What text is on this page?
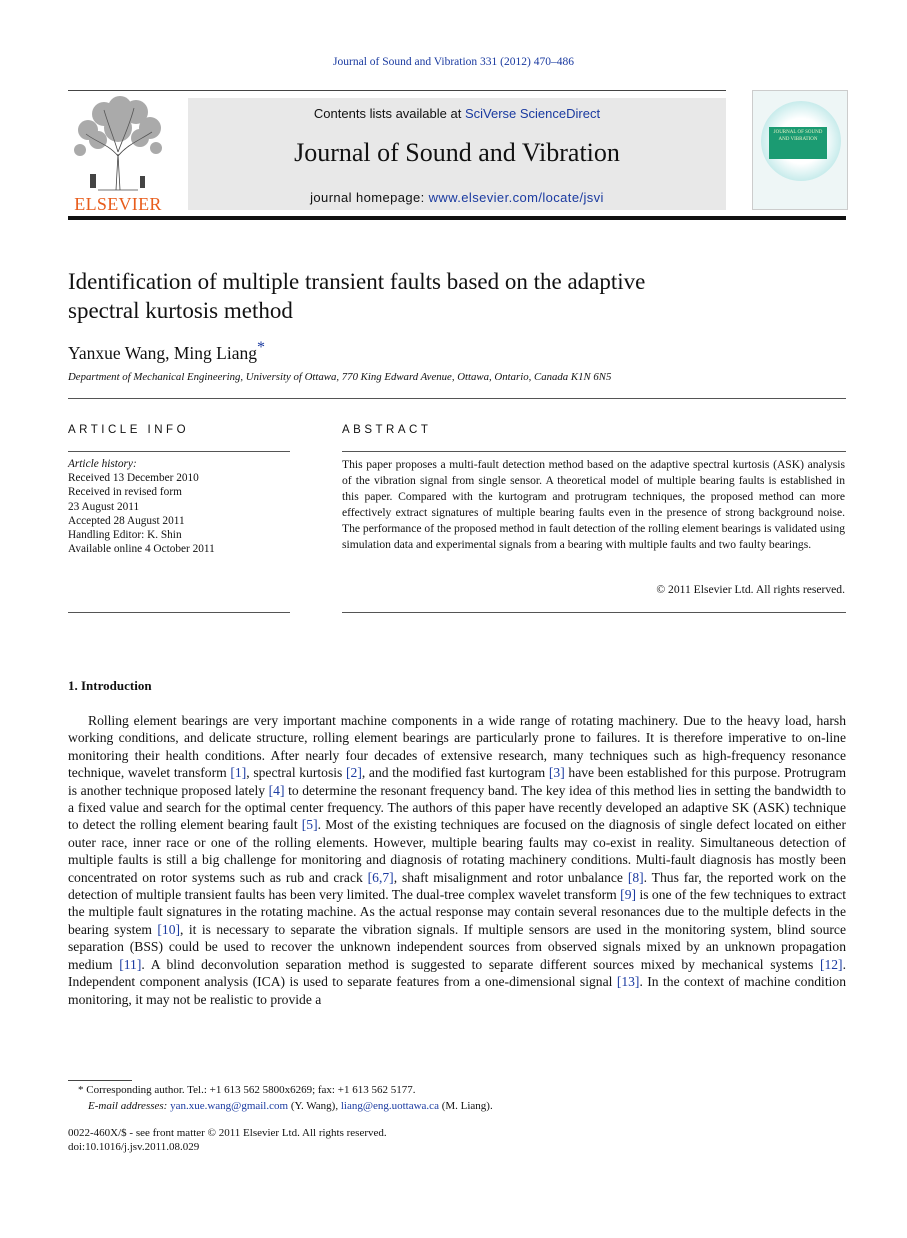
Journal of Sound and Vibration 331 (2012) 470–486
ELSEVIER
Contents lists available at SciVerse ScienceDirect
Journal of Sound and Vibration
journal homepage: www.elsevier.com/locate/jsvi
JOURNAL OF SOUND AND VIBRATION
Identification of multiple transient faults based on the adaptive
spectral kurtosis method
Yanxue Wang, Ming Liang*
Department of Mechanical Engineering, University of Ottawa, 770 King Edward Avenue, Ottawa, Ontario, Canada K1N 6N5
ARTICLE INFO
Article history:
Received 13 December 2010
Received in revised form
23 August 2011
Accepted 28 August 2011
Handling Editor: K. Shin
Available online 4 October 2011
ABSTRACT
This paper proposes a multi-fault detection method based on the adaptive spectral kurtosis (ASK) analysis of the vibration signal from single sensor. A theoretical model of multiple bearing faults is established in this paper. Compared with the kurtogram and protrugram techniques, the proposed method can more effectively extract signatures of multiple bearing faults even in the presence of strong background noise. The performance of the proposed method in fault detection of the rolling element bearings is validated using simulation data and experimental signals from a bearing with multiple faults and two faulty bearings.
© 2011 Elsevier Ltd. All rights reserved.
1. Introduction
Rolling element bearings are very important machine components in a wide range of rotating machinery. Due to the heavy load, harsh working conditions, and delicate structure, rolling element bearings are particularly prone to failures. It is therefore imperative to on-line monitoring their health conditions. After nearly four decades of extensive research, many techniques such as high-frequency resonance technique, wavelet transform [1], spectral kurtosis [2], and the modified fast kurtogram [3] have been established for this purpose. Protrugram is another technique proposed lately [4] to determine the resonant frequency band. The key idea of this method lies in setting the bandwidth to a fixed value and search for the optimal center frequency. The authors of this paper have recently developed an adaptive SK (ASK) technique to detect the rolling element bearing fault [5]. Most of the existing techniques are focused on the diagnosis of single defect located on either outer race, inner race or one of the rolling elements. However, multiple bearing faults may co-exist in reality. Simultaneous detection of multiple faults is still a big challenge for monitoring and diagnosis of rotating machinery conditions. Multi-fault diagnosis has mostly been concentrated on rotor systems such as rub and crack [6,7], shaft misalignment and rotor unbalance [8]. Thus far, the reported work on the detection of multiple transient faults has been very limited. The dual-tree complex wavelet transform [9] is one of the few techniques to extract the multiple fault signatures in the rotating machine. As the actual response may contain several resonances due to the multiple defects in the bearing system [10], it is necessary to separate the vibration signals. If multiple sensors are used in the monitoring system, blind source separation (BSS) could be used to recover the unknown independent sources from observed signals mixed by an unknown propagation medium [11]. A blind deconvolution separation method is suggested to separate different sources mixed by mechanical systems [12]. Independent component analysis (ICA) is used to separate features from a one-dimensional signal [13]. In the context of machine condition monitoring, it may not be realistic to provide a
* Corresponding author. Tel.: +1 613 562 5800x6269; fax: +1 613 562 5177.
E-mail addresses: yan.xue.wang@gmail.com (Y. Wang), liang@eng.uottawa.ca (M. Liang).
0022-460X/$ - see front matter © 2011 Elsevier Ltd. All rights reserved.
doi:10.1016/j.jsv.2011.08.029
